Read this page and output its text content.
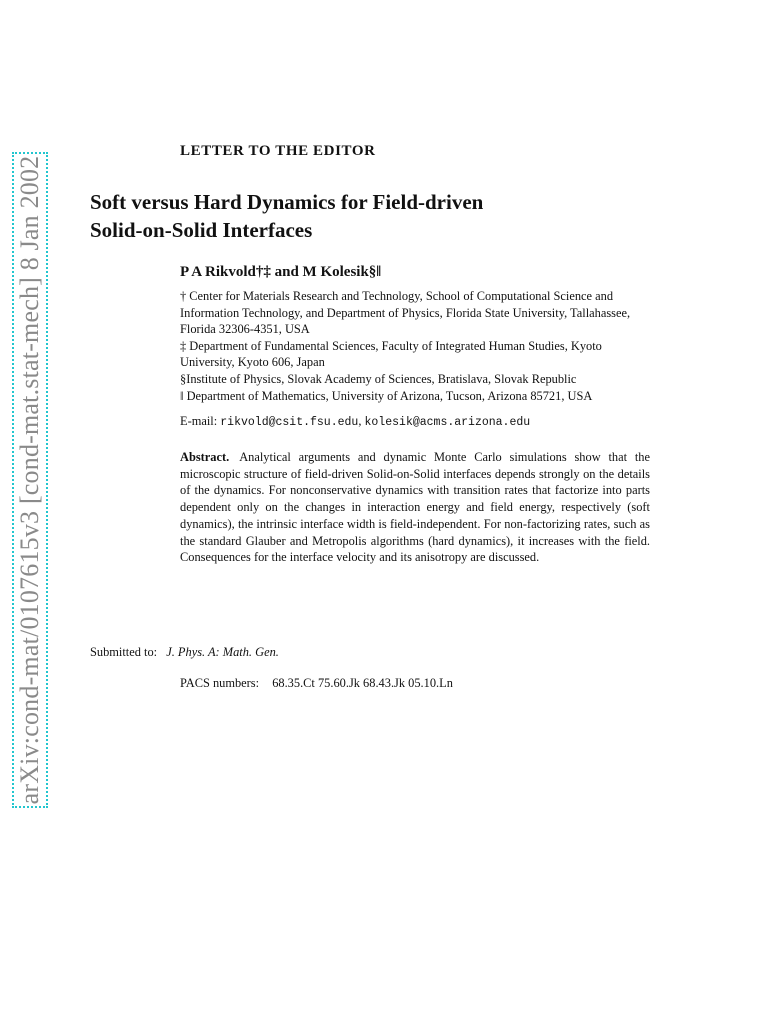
arXiv:cond-mat/0107615v3 [cond-mat.stat-mech] 8 Jan 2002
LETTER TO THE EDITOR
Soft versus Hard Dynamics for Field-driven
Solid-on-Solid Interfaces
P A Rikvold†‡ and M Kolesik§‖

† Center for Materials Research and Technology, School of Computational Science and Information Technology, and Department of Physics, Florida State University, Tallahassee, Florida 32306-4351, USA

‡ Department of Fundamental Sciences, Faculty of Integrated Human Studies, Kyoto University, Kyoto 606, Japan

§Institute of Physics, Slovak Academy of Sciences, Bratislava, Slovak Republic

‖ Department of Mathematics, University of Arizona, Tucson, Arizona 85721, USA

E-mail: rikvold@csit.fsu.edu, kolesik@acms.arizona.edu
Abstract. Analytical arguments and dynamic Monte Carlo simulations show that the microscopic structure of field-driven Solid-on-Solid interfaces depends strongly on the details of the dynamics. For nonconservative dynamics with transition rates that factorize into parts dependent only on the changes in interaction energy and field energy, respectively (soft dynamics), the intrinsic interface width is field-independent. For non-factorizing rates, such as the standard Glauber and Metropolis algorithms (hard dynamics), it increases with the field. Consequences for the interface velocity and its anisotropy are discussed.
Submitted to: J. Phys. A: Math. Gen.
PACS numbers: 68.35.Ct 75.60.Jk 68.43.Jk 05.10.Ln
